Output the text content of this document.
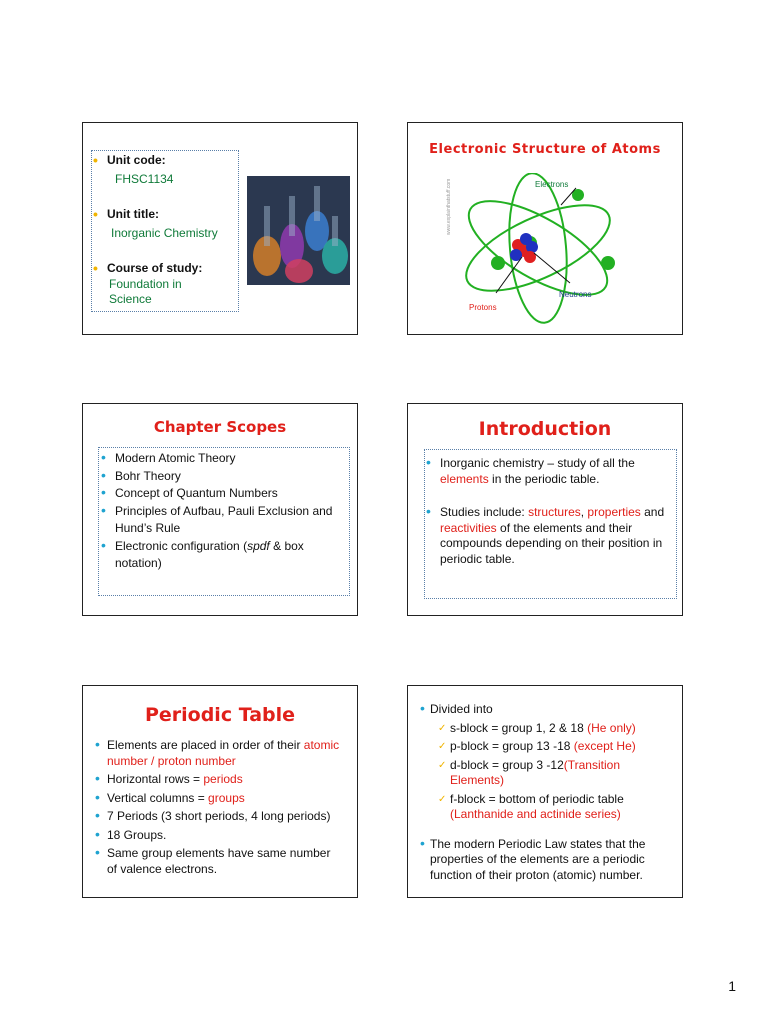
• Unit code:
FHSC1134
• Unit title:
Inorganic Chemistry
• Course of study:
Foundation in
Science
Electronic Structure of Atoms
Electrons
Neutrons
Protons
www.explainthatstuff.com
Chapter Scopes
• Modern Atomic Theory
• Bohr Theory
• Concept of Quantum Numbers
• Principles of Aufbau, Pauli Exclusion and
Hund’s Rule
• Electronic configuration (spdf & box
notation)
Introduction
• Inorganic chemistry – study of all the
elements in the periodic table.
• Studies include: structures, properties and
reactivities of the elements and their
compounds depending on their position in
periodic table.
Periodic Table
• Elements are placed in order of their atomic
number / proton number
• Horizontal rows = periods
• Vertical columns = groups
• 7 Periods (3 short periods, 4 long periods)
• 18 Groups.
• Same group elements have same number
of valence electrons.
• Divided into
✓ s-block = group 1, 2 & 18 (He only)
✓ p-block = group 13 -18 (except He)
✓ d-block = group 3 -12(Transition
Elements)
✓ f-block = bottom of periodic table
(Lanthanide and actinide series)
• The modern Periodic Law states that the
properties of the elements are a periodic
function of their proton (atomic) number.
1
